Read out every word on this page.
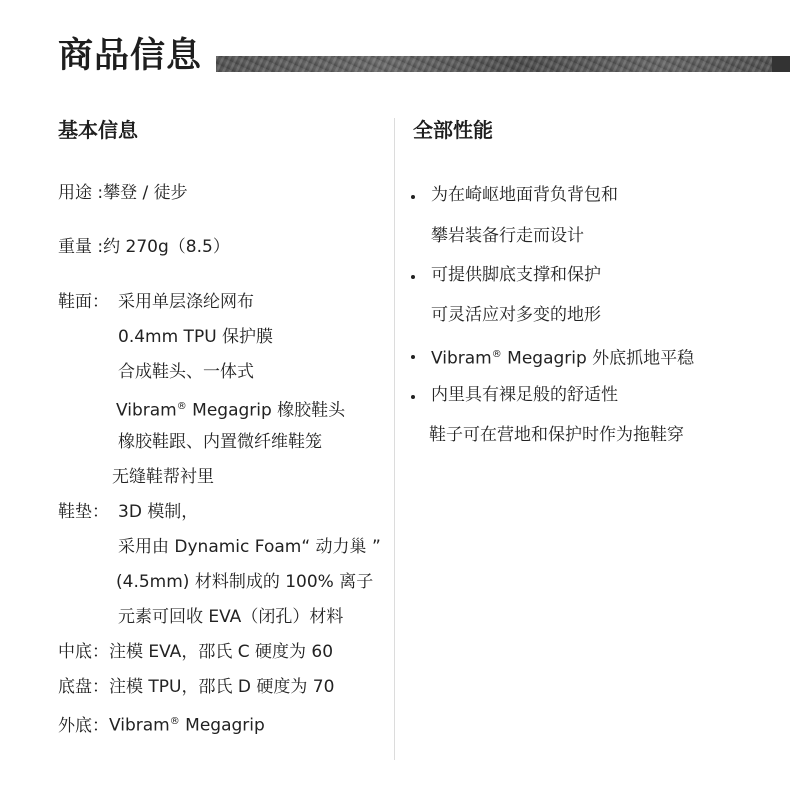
商品信息
基本信息
用途 :攀登 / 徒步
重量 :约 270g（8.5）
鞋面： 采用单层涤纶网布
0.4mm TPU 保护膜
合成鞋头、一体式
Vibram® Megagrip 橡胶鞋头
橡胶鞋跟、内置微纤维鞋笼
无缝鞋帮衬里
鞋垫： 3D 模制，
采用由 Dynamic Foam“ 动力巢 ”
(4.5mm) 材料制成的 100% 离子
元素可回收 EVA（闭孔）材料
中底：注模 EVA，邵氏 C 硬度为 60
底盘：注模 TPU，邵氏 D 硬度为 70
外底：Vibram® Megagrip
全部性能
为在崎岖地面背负背包和
攀岩装备行走而设计
可提供脚底支撑和保护
可灵活应对多变的地形
Vibram® Megagrip 外底抓地平稳
内里具有裸足般的舒适性
鞋子可在营地和保护时作为拖鞋穿
